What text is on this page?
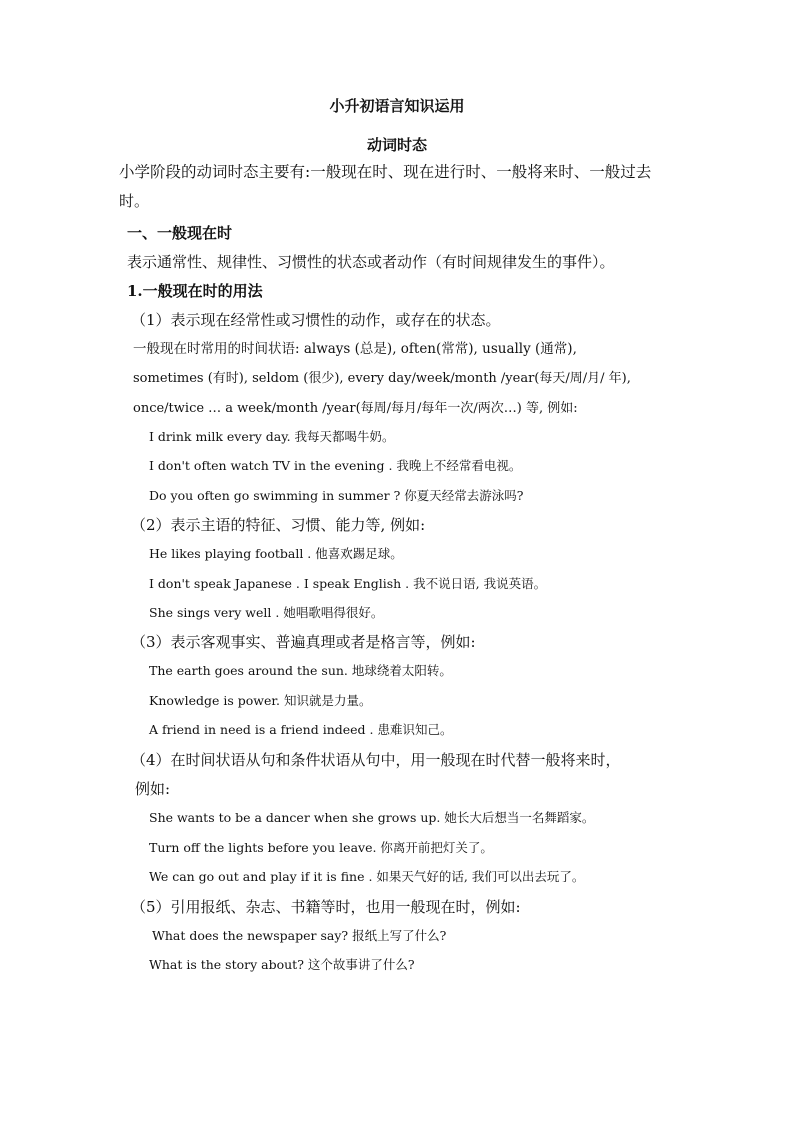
小升初语言知识运用
动词时态
小学阶段的动词时态主要有:一般现在时、现在进行时、一般将来时、一般过去
时。
一、一般现在时
表示通常性、规律性、习惯性的状态或者动作（有时间规律发生的事件）。
1.一般现在时的用法
（1）表示现在经常性或习惯性的动作，或存在的状态。
一般现在时常用的时间状语: always (总是), often(常常), usually (通常),
sometimes (有时), seldom (很少), every day/week/month /year(每天/周/月/ 年),
once/twice … a week/month /year(每周/每月/每年一次/两次…) 等, 例如:
I drink milk every day. 我每天都喝牛奶。
I don't often watch TV in the evening . 我晚上不经常看电视。
Do you often go swimming in summer ? 你夏天经常去游泳吗?
（2）表示主语的特征、习惯、能力等, 例如:
He likes playing football . 他喜欢踢足球。
I don't speak Japanese . I speak English . 我不说日语, 我说英语。
She sings very well . 她唱歌唱得很好。
（3）表示客观事实、普遍真理或者是格言等，例如:
The earth goes around the sun. 地球绕着太阳转。
Knowledge is power. 知识就是力量。
A friend in need is a friend indeed . 患难识知己。
（4）在时间状语从句和条件状语从句中，用一般现在时代替一般将来时，
例如:
She wants to be a dancer when she grows up. 她长大后想当一名舞蹈家。
Turn off the lights before you leave. 你离开前把灯关了。
We can go out and play if it is fine . 如果天气好的话, 我们可以出去玩了。
（5）引用报纸、杂志、书籍等时，也用一般现在时，例如:
What does the newspaper say? 报纸上写了什么?
What is the story about? 这个故事讲了什么?
